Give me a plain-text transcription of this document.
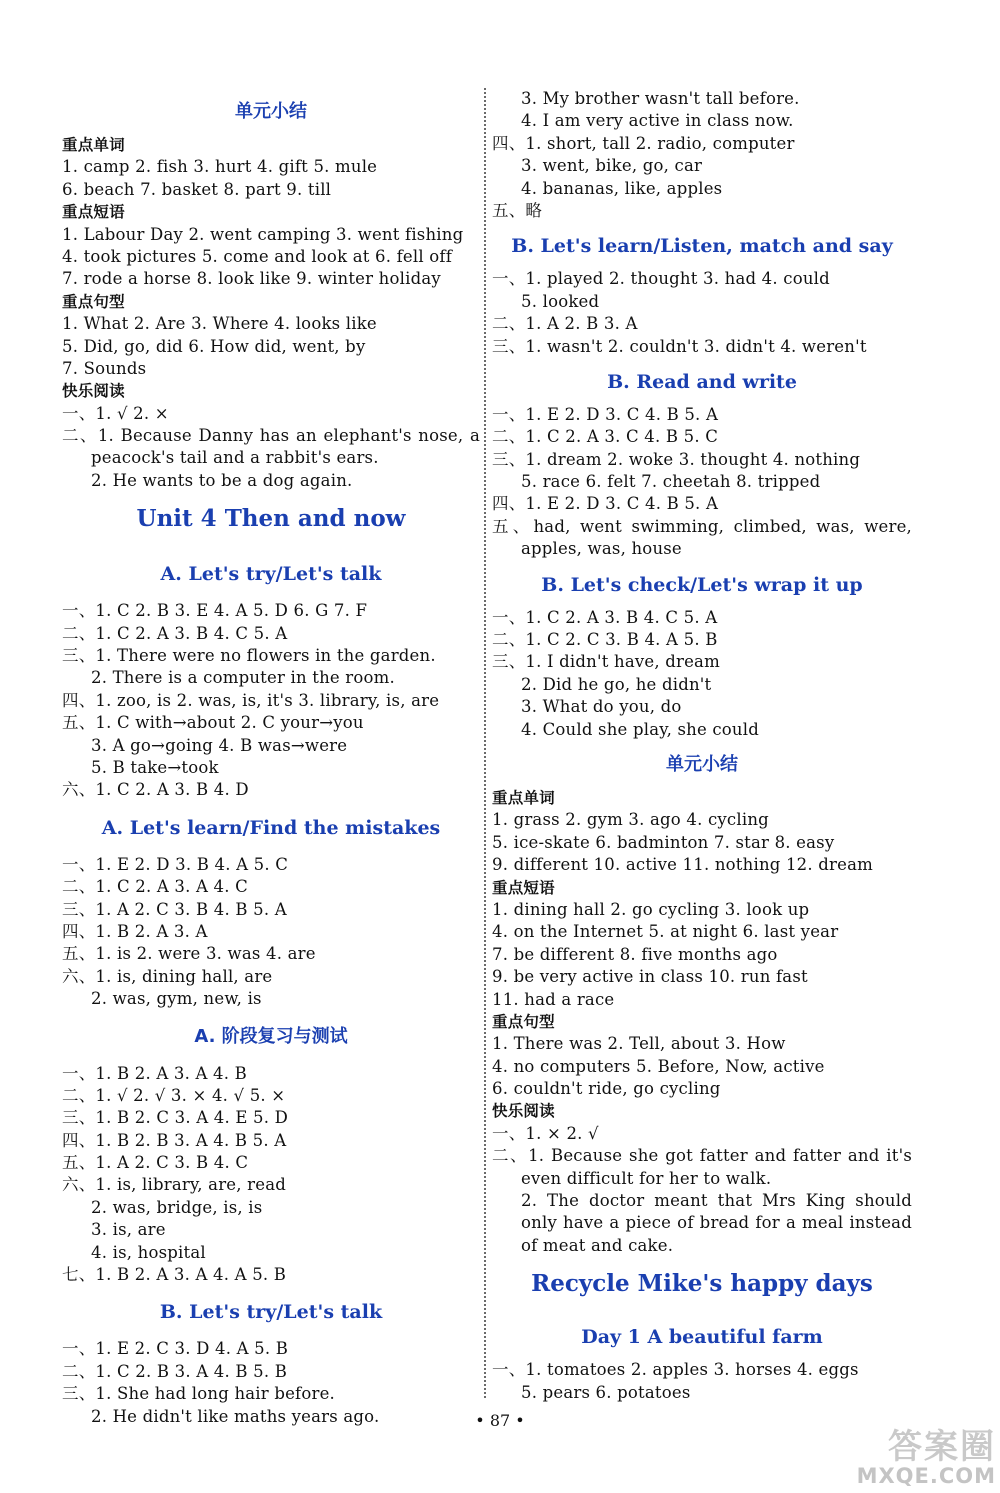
单元小结
重点单词
1. camp 2. fish 3. hurt 4. gift 5. mule
6. beach 7. basket 8. part 9. till
重点短语
1. Labour Day 2. went camping 3. went fishing
4. took pictures 5. come and look at 6. fell off
7. rode a horse 8. look like 9. winter holiday
重点句型
1. What 2. Are 3. Where 4. looks like
5. Did, go, did 6. How did, went, by
7. Sounds
快乐阅读
一、1. √ 2. ×
二、1. Because Danny has an elephant's nose, a
peacock's tail and a rabbit's ears.
2. He wants to be a dog again.
Unit 4 Then and now
A. Let's try/Let's talk
一、1. C 2. B 3. E 4. A 5. D 6. G 7. F
二、1. C 2. A 3. B 4. C 5. A
三、1. There were no flowers in the garden.
2. There is a computer in the room.
四、1. zoo, is 2. was, is, it's 3. library, is, are
五、1. C with→about 2. C your→you
3. A go→going 4. B was→were
5. B take→took
六、1. C 2. A 3. B 4. D
A. Let's learn/Find the mistakes
一、1. E 2. D 3. B 4. A 5. C
二、1. C 2. A 3. A 4. C
三、1. A 2. C 3. B 4. B 5. A
四、1. B 2. A 3. A
五、1. is 2. were 3. was 4. are
六、1. is, dining hall, are
2. was, gym, new, is
A. 阶段复习与测试
一、1. B 2. A 3. A 4. B
二、1. √ 2. √ 3. × 4. √ 5. ×
三、1. B 2. C 3. A 4. E 5. D
四、1. B 2. B 3. A 4. B 5. A
五、1. A 2. C 3. B 4. C
六、1. is, library, are, read
2. was, bridge, is, is
3. is, are
4. is, hospital
七、1. B 2. A 3. A 4. A 5. B
B. Let's try/Let's talk
一、1. E 2. C 3. D 4. A 5. B
二、1. C 2. B 3. A 4. B 5. B
三、1. She had long hair before.
2. He didn't like maths years ago.
3. My brother wasn't tall before.
4. I am very active in class now.
四、1. short, tall 2. radio, computer
3. went, bike, go, car
4. bananas, like, apples
五、略
B. Let's learn/Listen, match and say
一、1. played 2. thought 3. had 4. could
5. looked
二、1. A 2. B 3. A
三、1. wasn't 2. couldn't 3. didn't 4. weren't
B. Read and write
一、1. E 2. D 3. C 4. B 5. A
二、1. C 2. A 3. C 4. B 5. C
三、1. dream 2. woke 3. thought 4. nothing
5. race 6. felt 7. cheetah 8. tripped
四、1. E 2. D 3. C 4. B 5. A
五、had, went swimming, climbed, was, were,
apples, was, house
B. Let's check/Let's wrap it up
一、1. C 2. A 3. B 4. C 5. A
二、1. C 2. C 3. B 4. A 5. B
三、1. I didn't have, dream
2. Did he go, he didn't
3. What do you, do
4. Could she play, she could
单元小结
重点单词
1. grass 2. gym 3. ago 4. cycling
5. ice-skate 6. badminton 7. star 8. easy
9. different 10. active 11. nothing 12. dream
重点短语
1. dining hall 2. go cycling 3. look up
4. on the Internet 5. at night 6. last year
7. be different 8. five months ago
9. be very active in class 10. run fast
11. had a race
重点句型
1. There was 2. Tell, about 3. How
4. no computers 5. Before, Now, active
6. couldn't ride, go cycling
快乐阅读
一、1. × 2. √
二、1. Because she got fatter and fatter and it's
even difficult for her to walk.
2. The doctor meant that Mrs King should
only have a piece of bread for a meal instead
of meat and cake.
Recycle Mike's happy days
Day 1 A beautiful farm
一、1. tomatoes 2. apples 3. horses 4. eggs
5. pears 6. potatoes
• 87 •
答案圈
MXQE.COM
